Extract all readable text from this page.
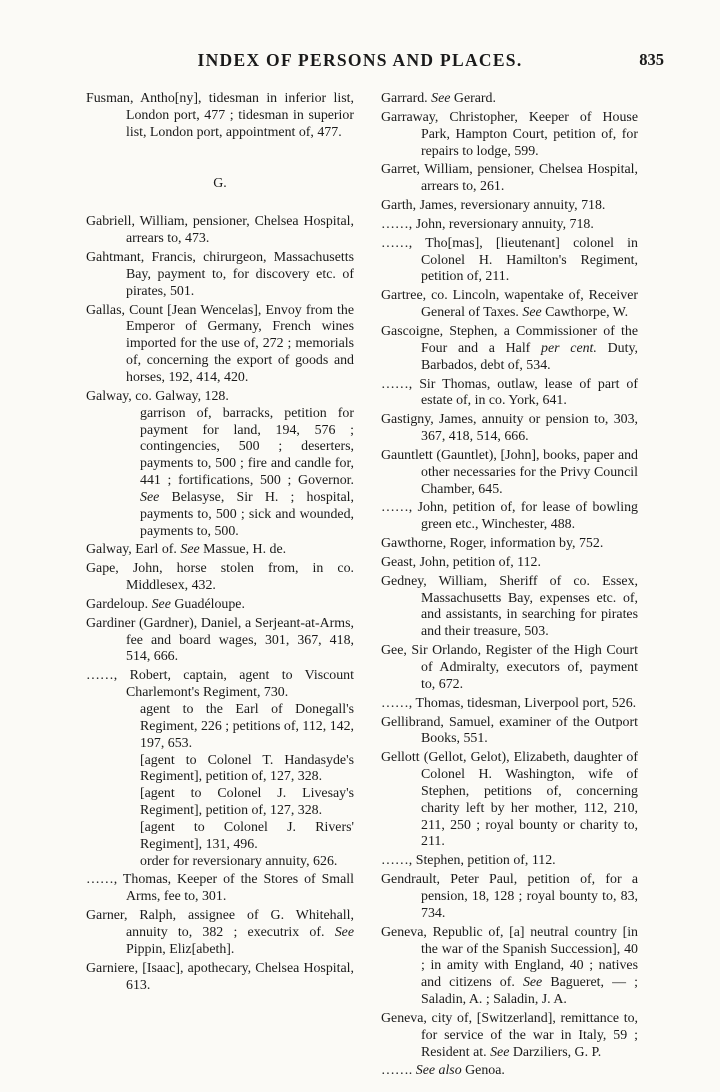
INDEX OF PERSONS AND PLACES.	835

Fusman, Antho[ny], tidesman in inferior list, London port, 477 ; tidesman in superior list, London port, appointment of, 477.

G.

Gabriell, William, pensioner, Chelsea Hospital, arrears to, 473.

Gahtmant, Francis, chirurgeon, Massachusetts Bay, payment to, for discovery etc. of pirates, 501.

Gallas, Count [Jean Wencelas], Envoy from the Emperor of Germany, French wines imported for the use of, 272 ; memorials of, concerning the export of goods and horses, 192, 414, 420.

Galway, co. Galway, 128.
garrison of, barracks, petition for payment for land, 194, 576 ; contingencies, 500 ; deserters, payments to, 500 ; fire and candle for, 441 ; fortifications, 500 ; Governor. See Belasyse, Sir H. ; hospital, payments to, 500 ; sick and wounded, payments to, 500.

Galway, Earl of. See Massue, H. de.

Gape, John, horse stolen from, in co. Middlesex, 432.

Gardeloup. See Guadéloupe.

Gardiner (Gardner), Daniel, a Serjeant-at-Arms, fee and board wages, 301, 367, 418, 514, 666.

……, Robert, captain, agent to Viscount Charlemont's Regiment, 730.
agent to the Earl of Donegall's Regiment, 226 ; petitions of, 112, 142, 197, 653.
[agent to Colonel T. Handasyde's Regiment], petition of, 127, 328.
[agent to Colonel J. Livesay's Regiment], petition of, 127, 328.
[agent to Colonel J. Rivers' Regiment], 131, 496.
order for reversionary annuity, 626.

……, Thomas, Keeper of the Stores of Small Arms, fee to, 301.

Garner, Ralph, assignee of G. Whitehall, annuity to, 382 ; executrix of. See Pippin, Eliz[abeth].

Garniere, [Isaac], apothecary, Chelsea Hospital, 613.

Garrard. See Gerard.

Garraway, Christopher, Keeper of House Park, Hampton Court, petition of, for repairs to lodge, 599.

Garret, William, pensioner, Chelsea Hospital, arrears to, 261.

Garth, James, reversionary annuity, 718.

……, John, reversionary annuity, 718.

……, Tho[mas], [lieutenant] colonel in Colonel H. Hamilton's Regiment, petition of, 211.

Gartree, co. Lincoln, wapentake of, Receiver General of Taxes. See Cawthorpe, W.

Gascoigne, Stephen, a Commissioner of the Four and a Half per cent. Duty, Barbados, debt of, 534.

……, Sir Thomas, outlaw, lease of part of estate of, in co. York, 641.

Gastigny, James, annuity or pension to, 303, 367, 418, 514, 666.

Gauntlett (Gauntlet), [John], books, paper and other necessaries for the Privy Council Chamber, 645.

……, John, petition of, for lease of bowling green etc., Winchester, 488.

Gawthorne, Roger, information by, 752.

Geast, John, petition of, 112.

Gedney, William, Sheriff of co. Essex, Massachusetts Bay, expenses etc. of, and assistants, in searching for pirates and their treasure, 503.

Gee, Sir Orlando, Register of the High Court of Admiralty, executors of, payment to, 672.

……, Thomas, tidesman, Liverpool port, 526.

Gellibrand, Samuel, examiner of the Outport Books, 551.

Gellott (Gellot, Gelot), Elizabeth, daughter of Colonel H. Washington, wife of Stephen, petitions of, concerning charity left by her mother, 112, 210, 211, 250 ; royal bounty or charity to, 211.

……, Stephen, petition of, 112.

Gendrault, Peter Paul, petition of, for a pension, 18, 128 ; royal bounty to, 83, 734.

Geneva, Republic of, [a] neutral country [in the war of the Spanish Succession], 40 ; in amity with England, 40 ; natives and citizens of. See Bagueret, — ; Saladin, A. ; Saladin, J. A.

Geneva, city of, [Switzerland], remittance to, for service of the war in Italy, 59 ; Resident at. See Darziliers, G. P.

……. See also Genoa.
